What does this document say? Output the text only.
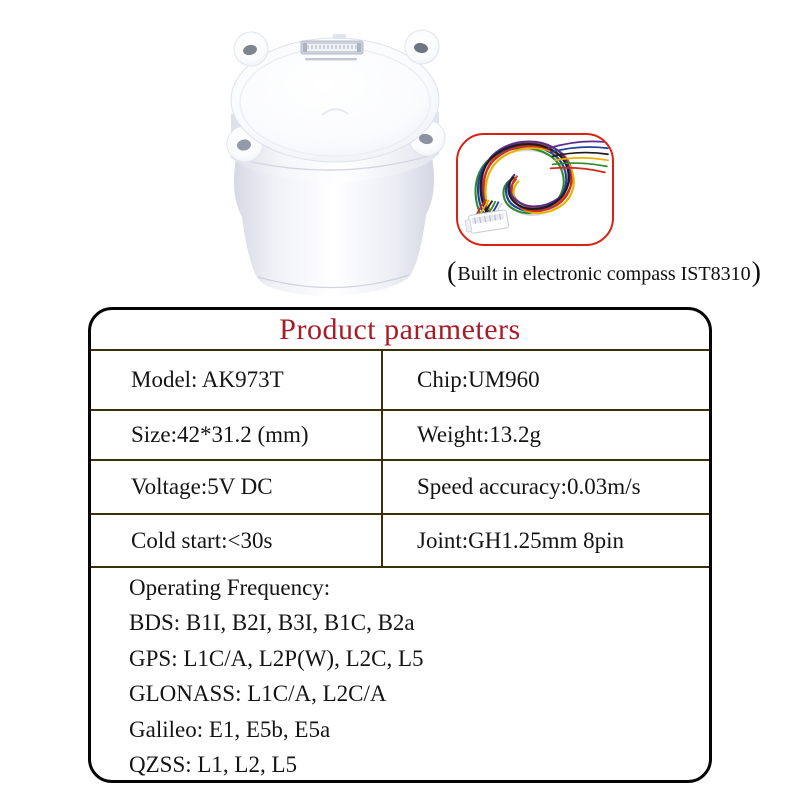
( Built in electronic compass IST8310 )
Product parameters
Model: AK973T	Chip:UM960
Size:42*31.2 (mm)	Weight:13.2g
Voltage:5V DC	Speed accuracy:0.03m/s
Cold start:<30s	Joint:GH1.25mm 8pin
Operating Frequency:
BDS: B1I, B2I, B3I, B1C, B2a
GPS: L1C/A, L2P(W), L2C, L5
GLONASS: L1C/A, L2C/A
Galileo: E1, E5b, E5a
QZSS: L1, L2, L5
